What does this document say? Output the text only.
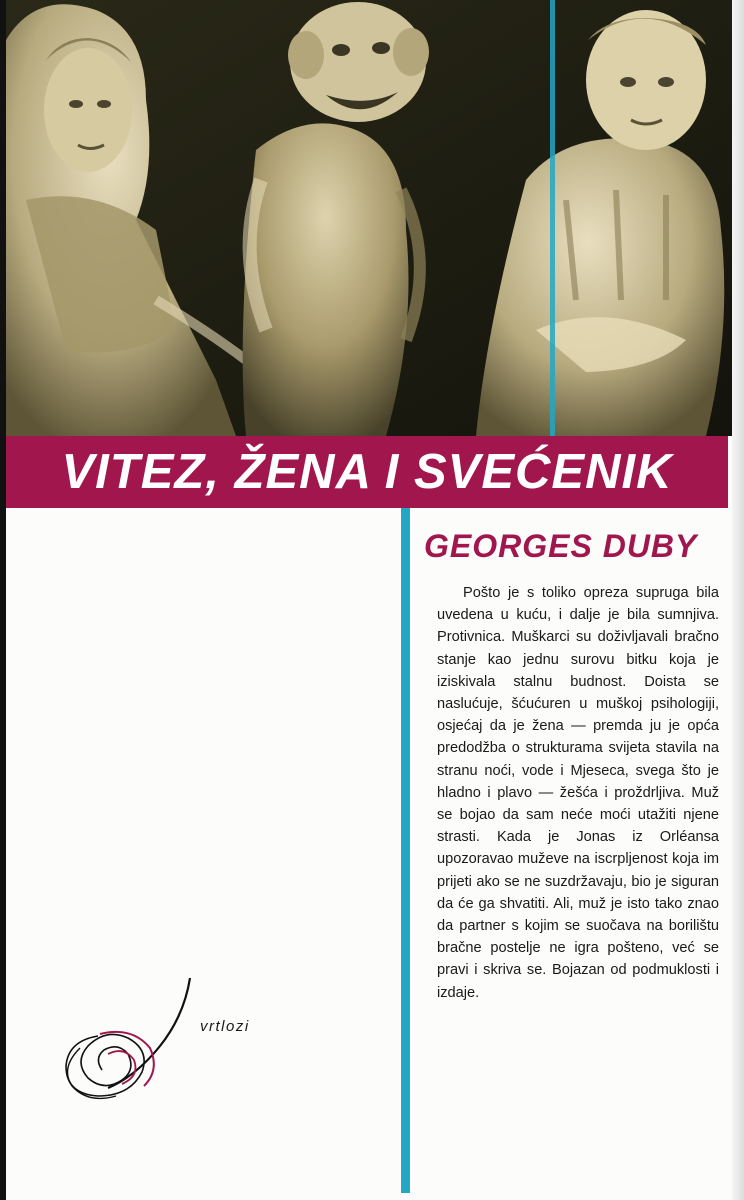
VITEZ, ŽENA I SVEĆENIK
GEORGES DUBY

Pošto je s toliko opreza supruga bila uvedena u kuću, i dalje je bila sumnjiva. Protivnica. Muškarci su doživljavali bračno stanje kao jednu surovu bitku koja je iziskivala stalnu budnost. Doista se naslućuje, šćućuren u muškoj psihologiji, osjećaj da je žena — premda ju je opća predodžba o strukturama svijeta stavila na stranu noći, vode i Mjeseca, svega što je hladno i plavo — žešća i proždrljiva. Muž se bojao da sam neće moći utažiti njene strasti. Kada je Jonas iz Orléansa upozoravao muževe na iscrpljenost koja im prijeti ako se ne suzdržavaju, bio je siguran da će ga shvatiti. Ali, muž je isto tako znao da partner s kojim se suočava na borilištu bračne postelje ne igra pošteno, već se pravi i skriva se. Bojazan od podmuklosti i izdaje.

vrtlozi
